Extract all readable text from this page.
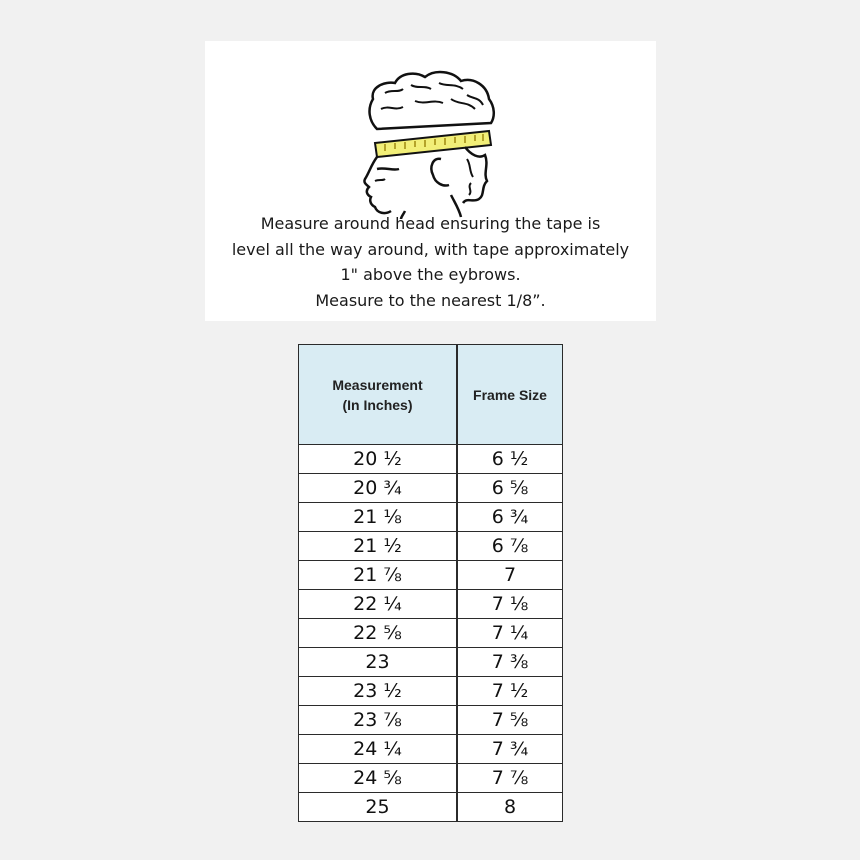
Measure around head ensuring the tape is
level all the way around, with tape approximately
1" above the eybrows.
Measure to the nearest 1/8”.
Measurement
(In Inches)	Frame Size
20 ½	6 ½
20 ¾	6 ⅝
21 ⅛	6 ¾
21 ½	6 ⅞
21 ⅞	7
22 ¼	7 ⅛
22 ⅝	7 ¼
23	7 ⅜
23 ½	7 ½
23 ⅞	7 ⅝
24 ¼	7 ¾
24 ⅝	7 ⅞
25	8
